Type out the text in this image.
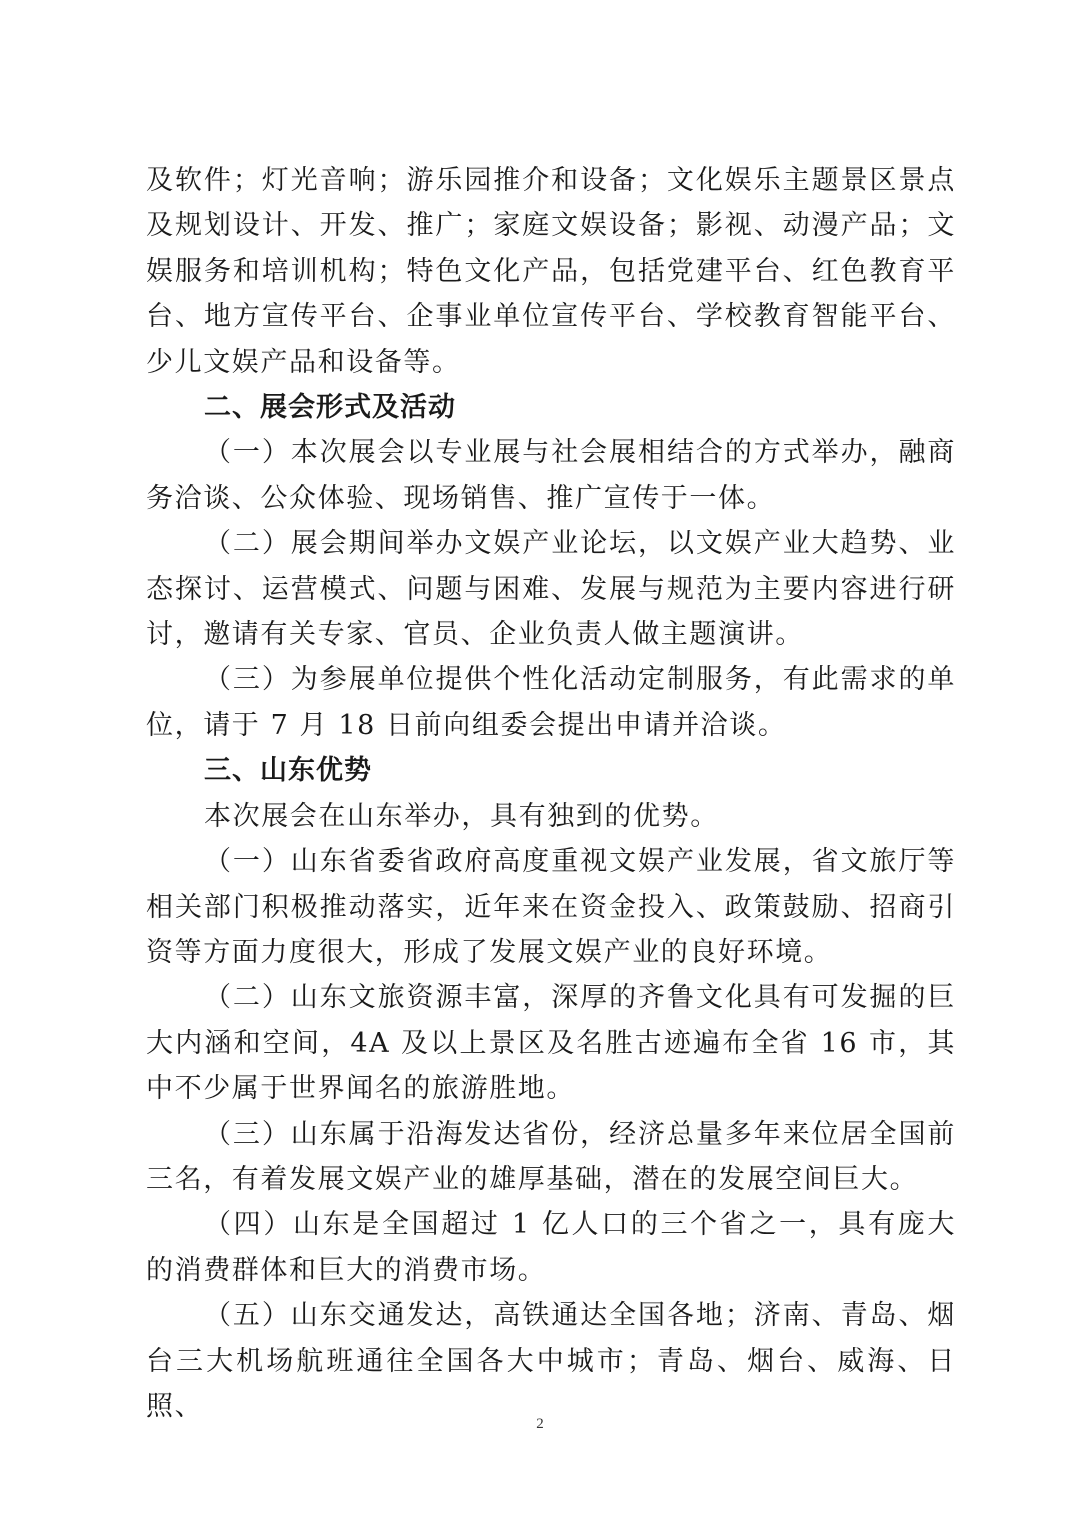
及软件；灯光音响；游乐园推介和设备；文化娱乐主题景区景点及规划设计、开发、推广；家庭文娱设备；影视、动漫产品；文娱服务和培训机构；特色文化产品，包括党建平台、红色教育平台、地方宣传平台、企事业单位宣传平台、学校教育智能平台、少儿文娱产品和设备等。

二、展会形式及活动

（一）本次展会以专业展与社会展相结合的方式举办，融商务洽谈、公众体验、现场销售、推广宣传于一体。

（二）展会期间举办文娱产业论坛，以文娱产业大趋势、业态探讨、运营模式、问题与困难、发展与规范为主要内容进行研讨，邀请有关专家、官员、企业负责人做主题演讲。

（三）为参展单位提供个性化活动定制服务，有此需求的单位，请于 7 月 18 日前向组委会提出申请并洽谈。

三、山东优势

本次展会在山东举办，具有独到的优势。

（一）山东省委省政府高度重视文娱产业发展，省文旅厅等相关部门积极推动落实，近年来在资金投入、政策鼓励、招商引资等方面力度很大，形成了发展文娱产业的良好环境。

（二）山东文旅资源丰富，深厚的齐鲁文化具有可发掘的巨大内涵和空间，4A 及以上景区及名胜古迹遍布全省 16 市，其中不少属于世界闻名的旅游胜地。

（三）山东属于沿海发达省份，经济总量多年来位居全国前三名，有着发展文娱产业的雄厚基础，潜在的发展空间巨大。

（四）山东是全国超过 1 亿人口的三个省之一，具有庞大的消费群体和巨大的消费市场。

（五）山东交通发达，高铁通达全国各地；济南、青岛、烟台三大机场航班通往全国各大中城市；青岛、烟台、威海、日照、

2
